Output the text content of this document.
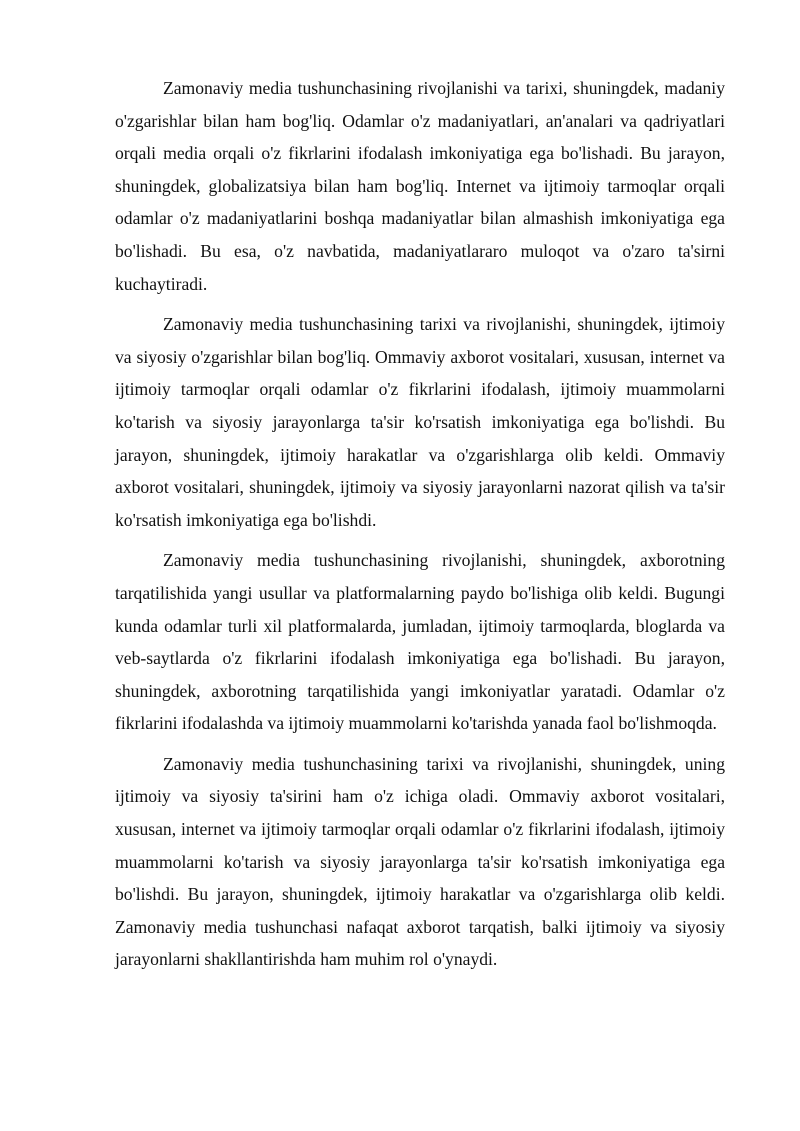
Zamonaviy media tushunchasining rivojlanishi va tarixi, shuningdek, madaniy o'zgarishlar bilan ham bog'liq. Odamlar o'z madaniyatlari, an'analari va qadriyatlari orqali media orqali o'z fikrlarini ifodalash imkoniyatiga ega bo'lishadi. Bu jarayon, shuningdek, globalizatsiya bilan ham bog'liq. Internet va ijtimoiy tarmoqlar orqali odamlar o'z madaniyatlarini boshqa madaniyatlar bilan almashish imkoniyatiga ega bo'lishadi. Bu esa, o'z navbatida, madaniyatlararo muloqot va o'zaro ta'sirni kuchaytiradi.

Zamonaviy media tushunchasining tarixi va rivojlanishi, shuningdek, ijtimoiy va siyosiy o'zgarishlar bilan bog'liq. Ommaviy axborot vositalari, xususan, internet va ijtimoiy tarmoqlar orqali odamlar o'z fikrlarini ifodalash, ijtimoiy muammolarni ko'tarish va siyosiy jarayonlarga ta'sir ko'rsatish imkoniyatiga ega bo'lishdi. Bu jarayon, shuningdek, ijtimoiy harakatlar va o'zgarishlarga olib keldi. Ommaviy axborot vositalari, shuningdek, ijtimoiy va siyosiy jarayonlarni nazorat qilish va ta'sir ko'rsatish imkoniyatiga ega bo'lishdi.

Zamonaviy media tushunchasining rivojlanishi, shuningdek, axborotning tarqatilishida yangi usullar va platformalarning paydo bo'lishiga olib keldi. Bugungi kunda odamlar turli xil platformalarda, jumladan, ijtimoiy tarmoqlarda, bloglarda va veb-saytlarda o'z fikrlarini ifodalash imkoniyatiga ega bo'lishadi. Bu jarayon, shuningdek, axborotning tarqatilishida yangi imkoniyatlar yaratadi. Odamlar o'z fikrlarini ifodalashda va ijtimoiy muammolarni ko'tarishda yanada faol bo'lishmoqda.

Zamonaviy media tushunchasining tarixi va rivojlanishi, shuningdek, uning ijtimoiy va siyosiy ta'sirini ham o'z ichiga oladi. Ommaviy axborot vositalari, xususan, internet va ijtimoiy tarmoqlar orqali odamlar o'z fikrlarini ifodalash, ijtimoiy muammolarni ko'tarish va siyosiy jarayonlarga ta'sir ko'rsatish imkoniyatiga ega bo'lishdi. Bu jarayon, shuningdek, ijtimoiy harakatlar va o'zgarishlarga olib keldi. Zamonaviy media tushunchasi nafaqat axborot tarqatish, balki ijtimoiy va siyosiy jarayonlarni shakllantirishda ham muhim rol o'ynaydi.
